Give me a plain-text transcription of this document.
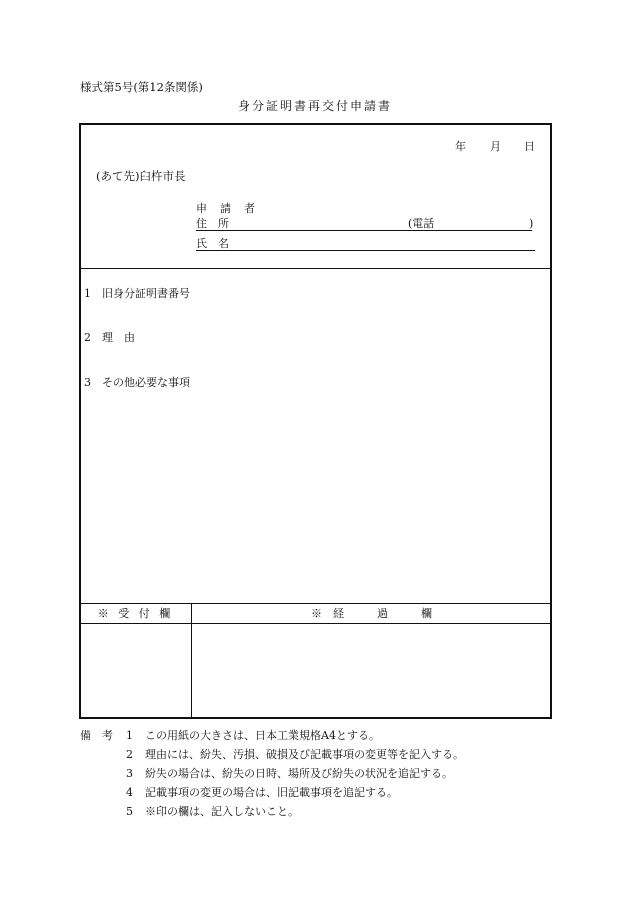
様式第5号(第12条関係)
身分証明書再交付申請書
年 月 日
(あて先)臼杵市長
申　請　者
住　所	(電話	)
氏　名
1 旧身分証明書番号
2 理　由
3 その他必要な事項
※ 受 付 欄	※　経　　　過　　　欄
備　考 1 この用紙の大きさは、日本工業規格A4とする。
2 理由には、紛失、汚損、破損及び記載事項の変更等を記入する。
3 紛失の場合は、紛失の日時、場所及び紛失の状況を追記する。
4 記載事項の変更の場合は、旧記載事項を追記する。
5 ※印の欄は、記入しないこと。
